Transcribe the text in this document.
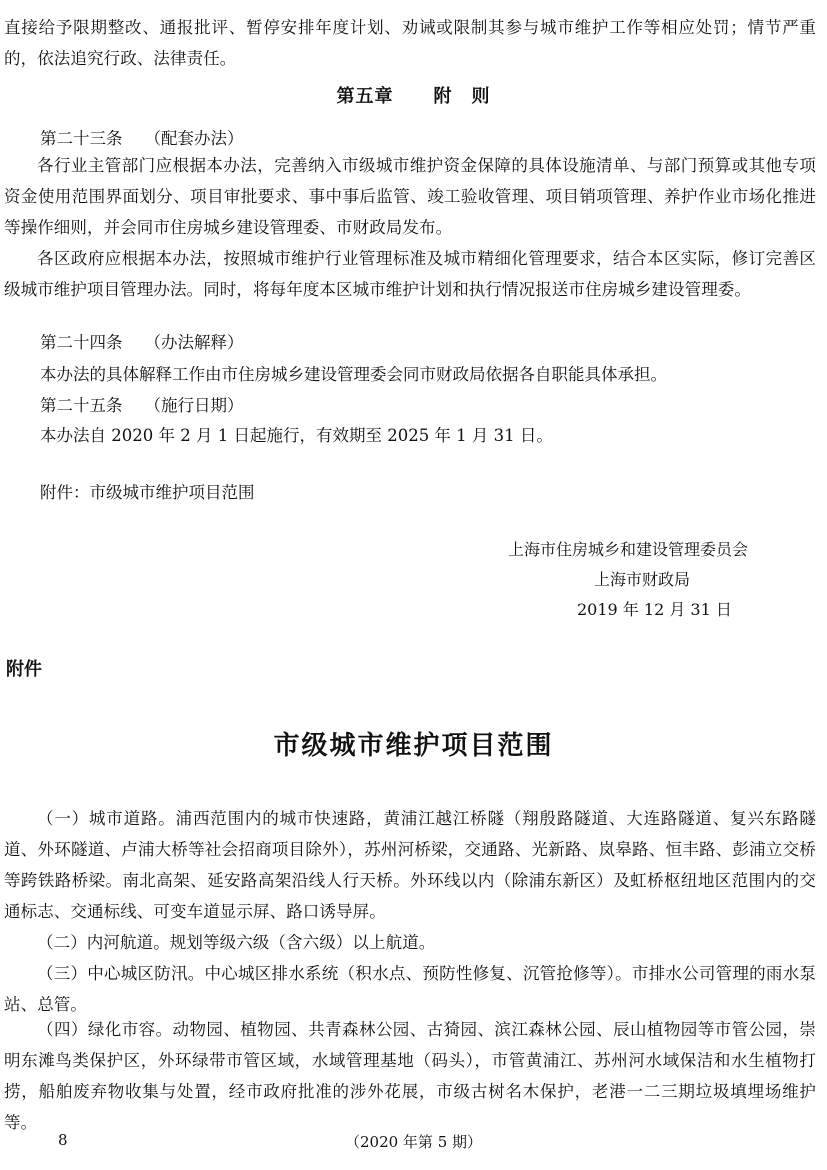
直接给予限期整改、通报批评、暂停安排年度计划、劝诫或限制其参与城市维护工作等相应处罚；情节严重的，依法追究行政、法律责任。

第五章 附　则

第二十三条 （配套办法）

各行业主管部门应根据本办法，完善纳入市级城市维护资金保障的具体设施清单、与部门预算或其他专项资金使用范围界面划分、项目审批要求、事中事后监管、竣工验收管理、项目销项管理、养护作业市场化推进等操作细则，并会同市住房城乡建设管理委、市财政局发布。

各区政府应根据本办法，按照城市维护行业管理标准及城市精细化管理要求，结合本区实际，修订完善区级城市维护项目管理办法。同时，将每年度本区城市维护计划和执行情况报送市住房城乡建设管理委。

第二十四条 （办法解释）

本办法的具体解释工作由市住房城乡建设管理委会同市财政局依据各自职能具体承担。

第二十五条 （施行日期）

本办法自 2020 年 2 月 1 日起施行，有效期至 2025 年 1 月 31 日。

附件：市级城市维护项目范围

上海市住房城乡和建设管理委员会

上海市财政局

2019 年 12 月 31 日

附件

市级城市维护项目范围

（一）城市道路。浦西范围内的城市快速路，黄浦江越江桥隧（翔殷路隧道、大连路隧道、复兴东路隧道、外环隧道、卢浦大桥等社会招商项目除外），苏州河桥梁，交通路、光新路、岚皋路、恒丰路、彭浦立交桥等跨铁路桥梁。南北高架、延安路高架沿线人行天桥。外环线以内（除浦东新区）及虹桥枢纽地区范围内的交通标志、交通标线、可变车道显示屏、路口诱导屏。

（二）内河航道。规划等级六级（含六级）以上航道。

（三）中心城区防汛。中心城区排水系统（积水点、预防性修复、沉管抢修等）。市排水公司管理的雨水泵站、总管。

（四）绿化市容。动物园、植物园、共青森林公园、古猗园、滨江森林公园、辰山植物园等市管公园，崇明东滩鸟类保护区，外环绿带市管区域，水域管理基地（码头），市管黄浦江、苏州河水域保洁和水生植物打捞，船舶废弃物收集与处置，经市政府批准的涉外花展，市级古树名木保护，老港一二三期垃圾填埋场维护等。

8	（2020 年第 5 期）
